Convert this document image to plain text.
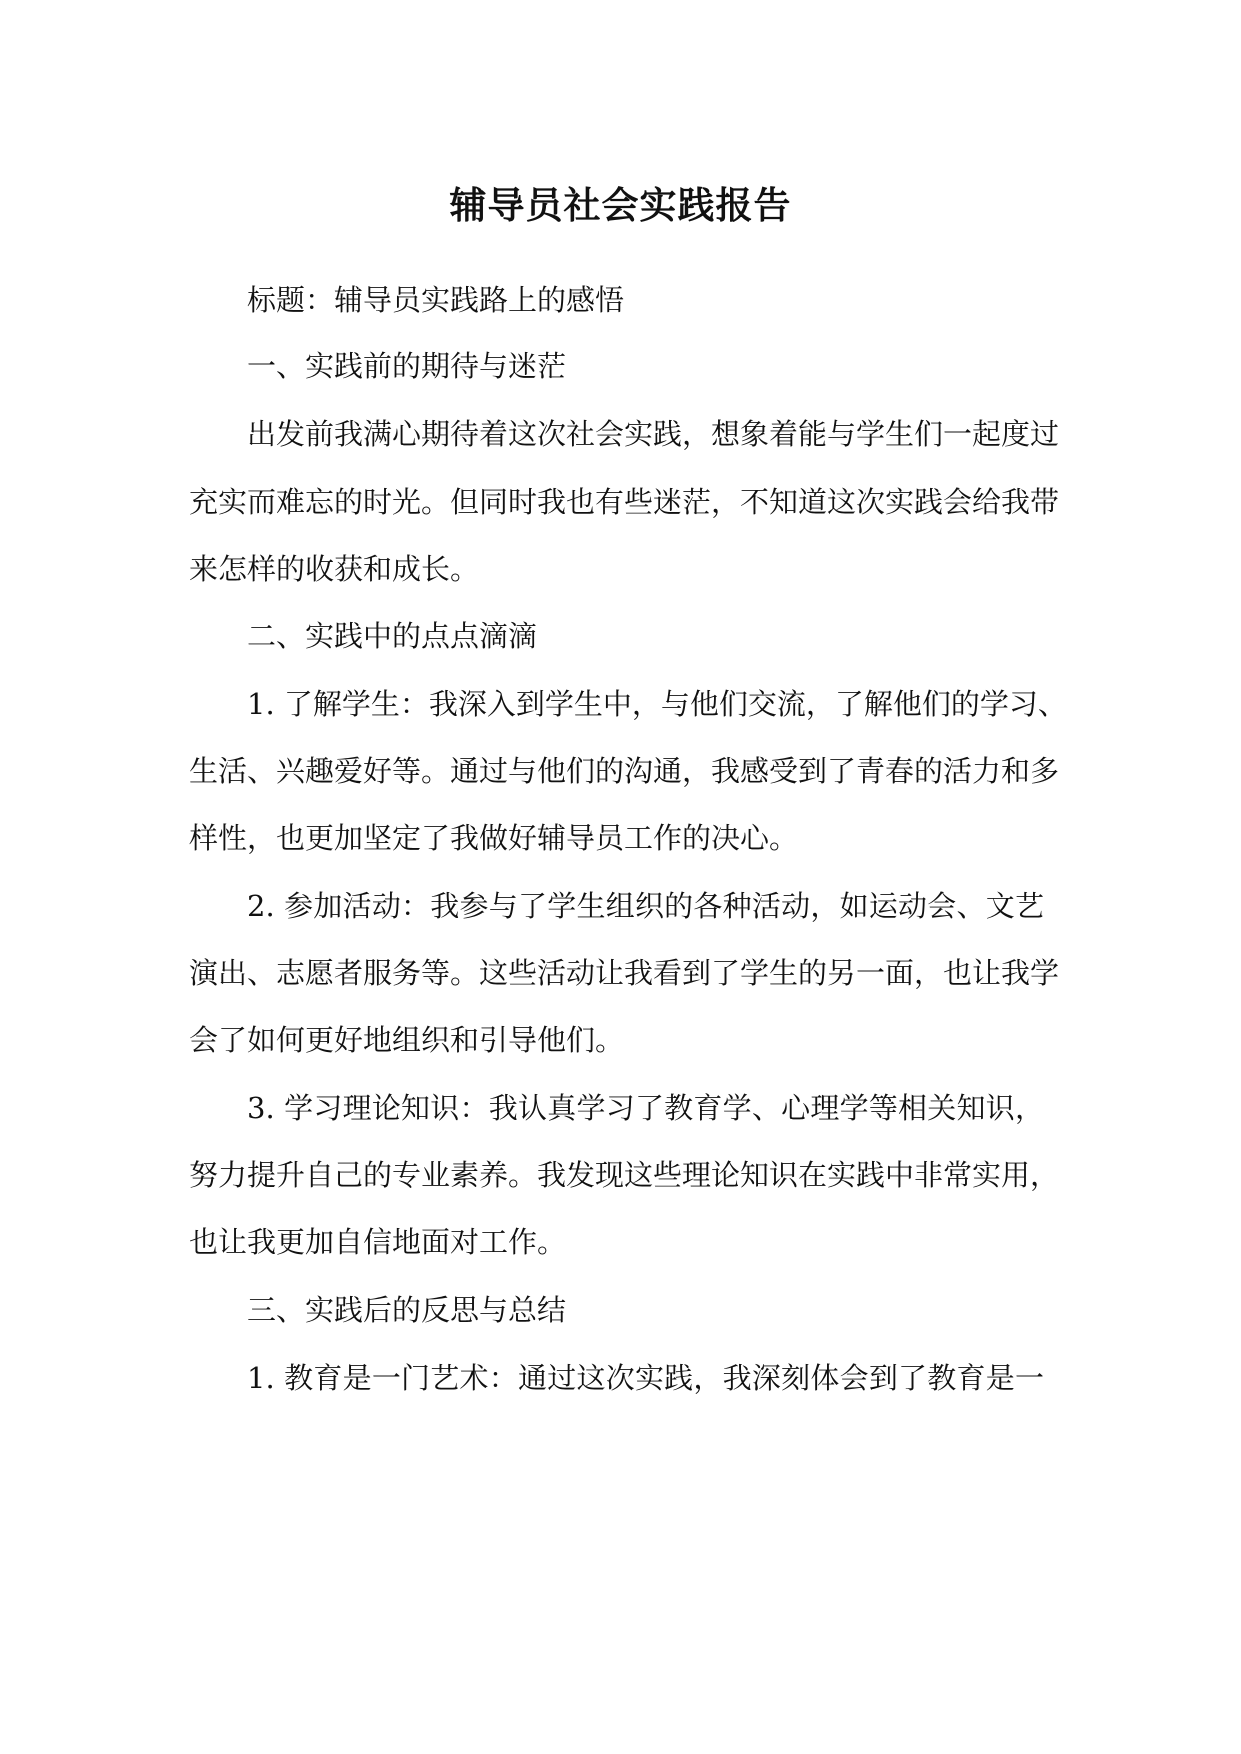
辅导员社会实践报告
标题：辅导员实践路上的感悟
一、实践前的期待与迷茫
出发前我满心期待着这次社会实践，想象着能与学生们一起度过
充实而难忘的时光。但同时我也有些迷茫，不知道这次实践会给我带
来怎样的收获和成长。
二、实践中的点点滴滴
1. 了解学生：我深入到学生中，与他们交流，了解他们的学习、
生活、兴趣爱好等。通过与他们的沟通，我感受到了青春的活力和多
样性，也更加坚定了我做好辅导员工作的决心。
2. 参加活动：我参与了学生组织的各种活动，如运动会、文艺
演出、志愿者服务等。这些活动让我看到了学生的另一面，也让我学
会了如何更好地组织和引导他们。
3. 学习理论知识：我认真学习了教育学、心理学等相关知识，
努力提升自己的专业素养。我发现这些理论知识在实践中非常实用，
也让我更加自信地面对工作。
三、实践后的反思与总结
1. 教育是一门艺术：通过这次实践，我深刻体会到了教育是一
